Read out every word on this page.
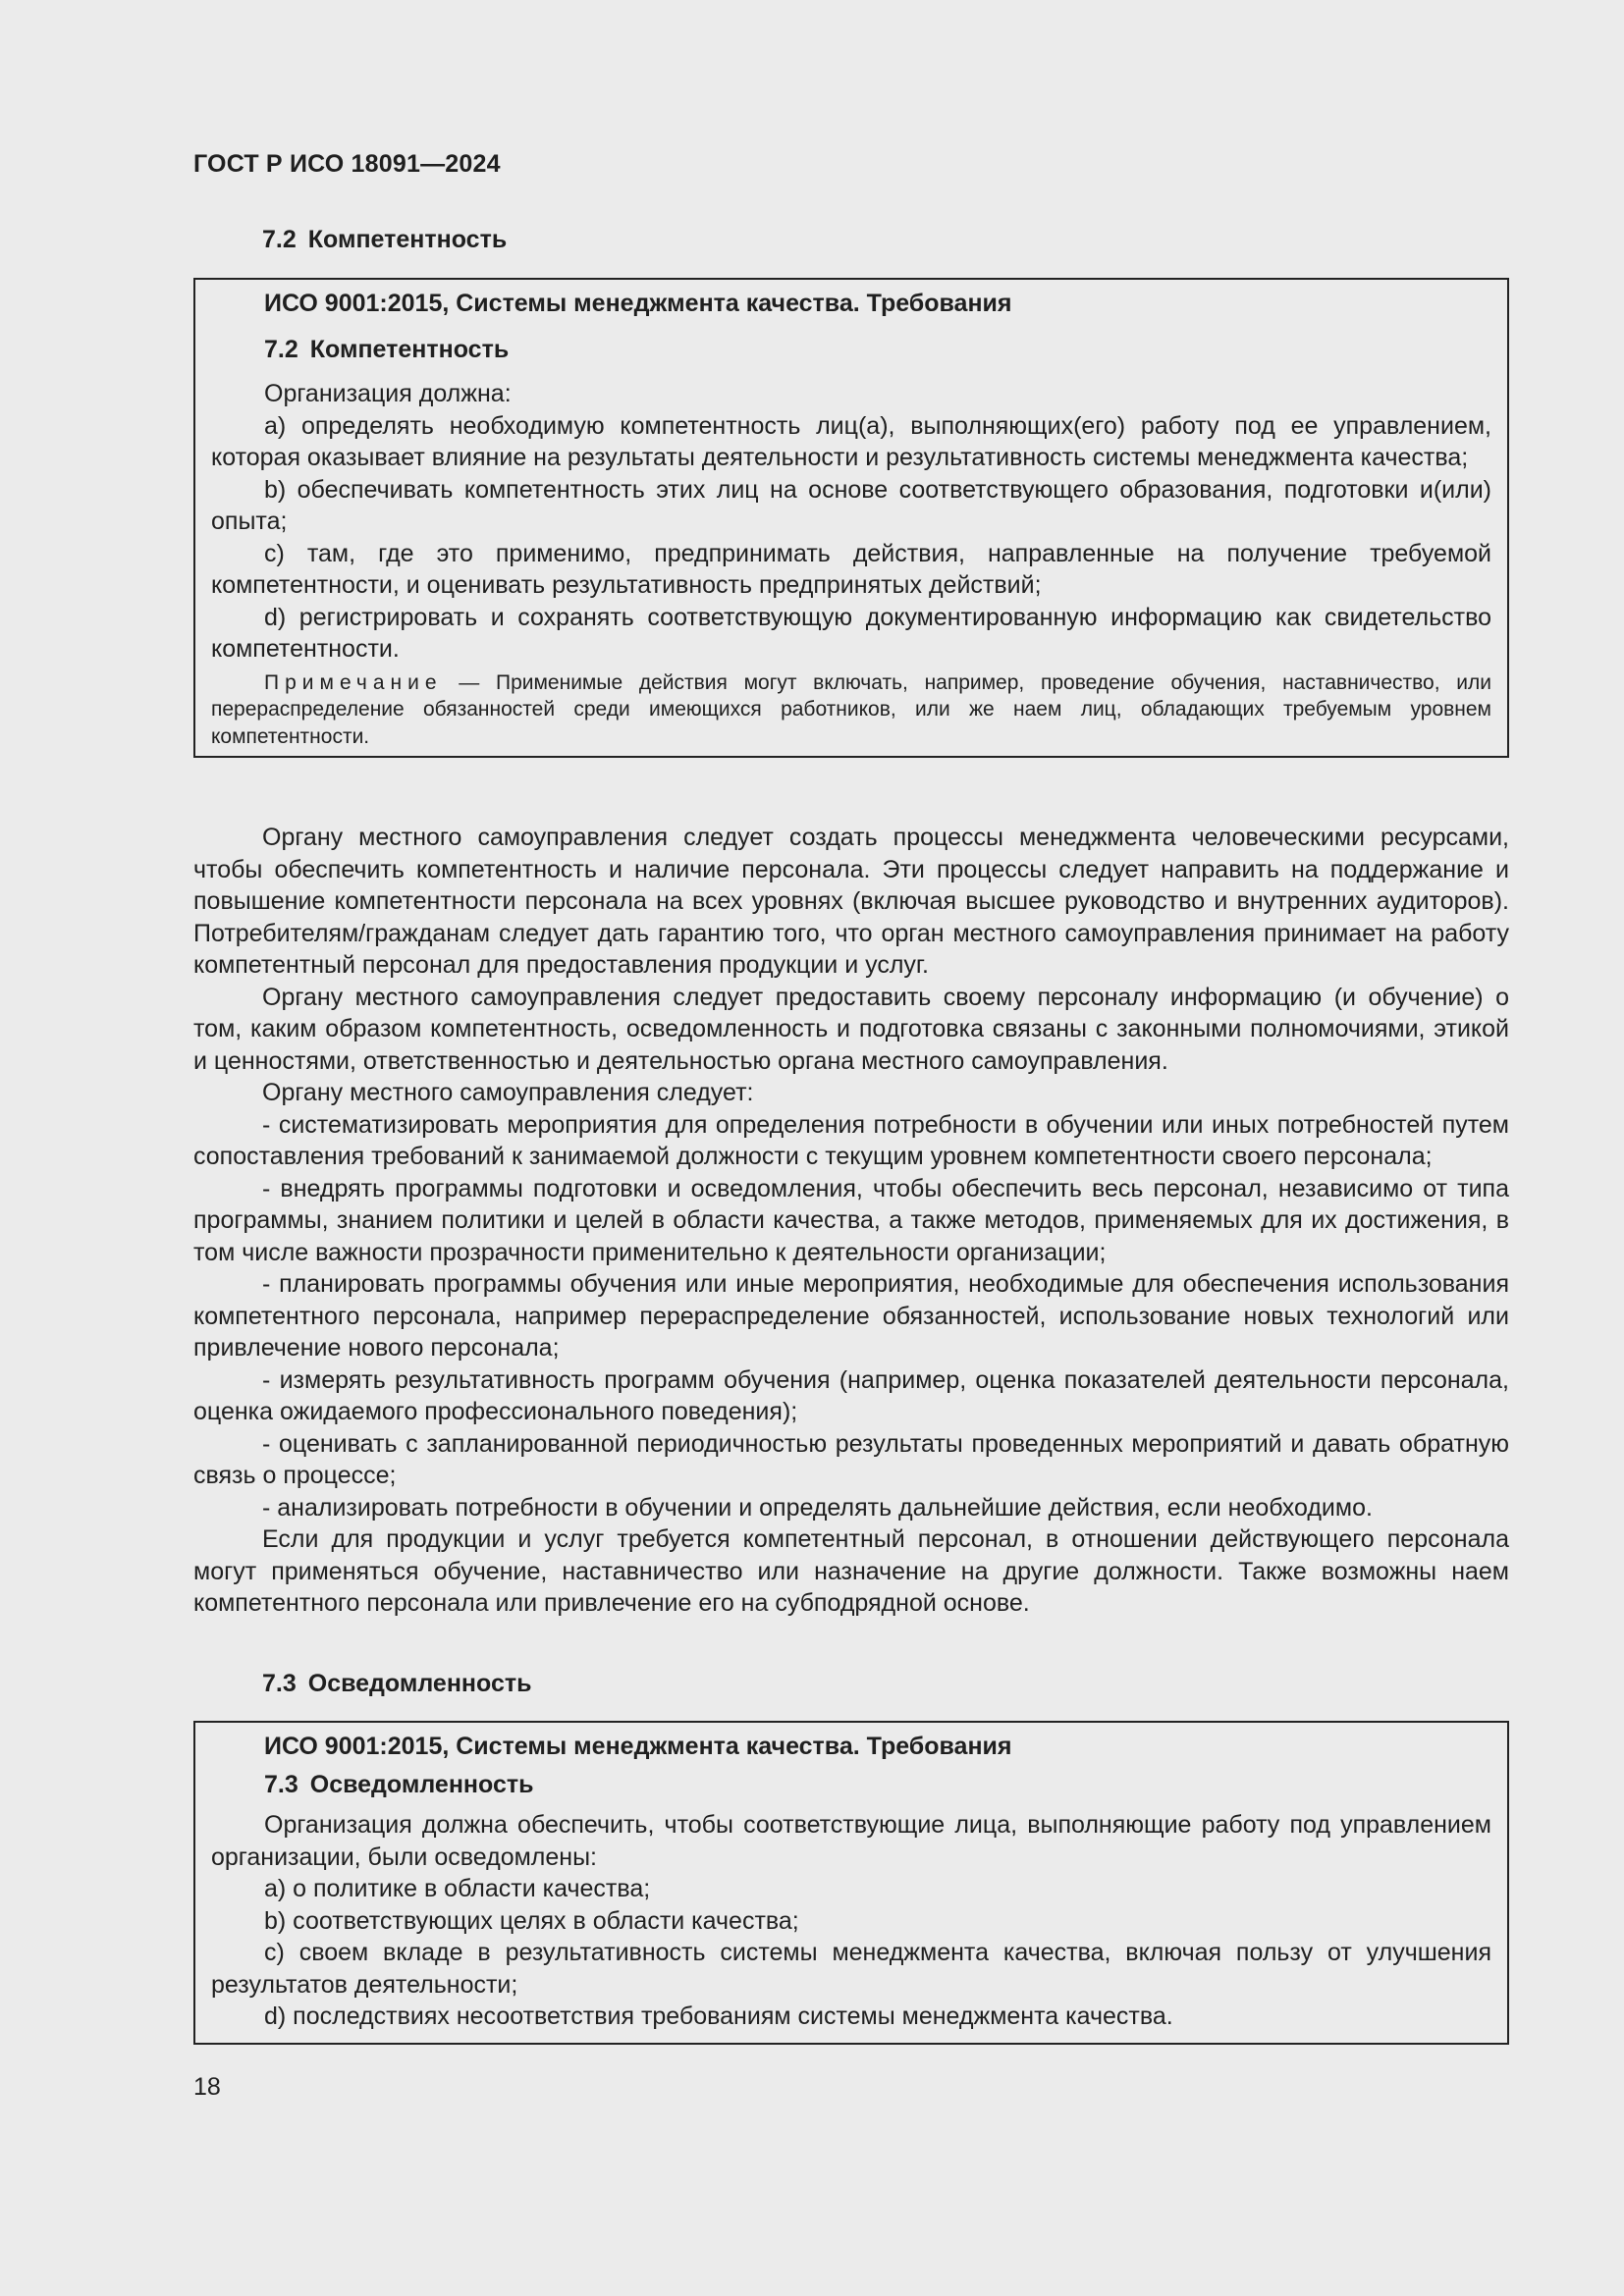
ГОСТ Р ИСО 18091—2024
7.2 Компетентность
ИСО 9001:2015, Системы менеджмента качества. Требования
7.2 Компетентность

Организация должна:

a) определять необходимую компетентность лиц(а), выполняющих(его) работу под ее управлением, которая оказывает влияние на результаты деятельности и результативность системы менеджмента качества;

b) обеспечивать компетентность этих лиц на основе соответствующего образования, подготовки и(или) опыта;

c) там, где это применимо, предпринимать действия, направленные на получение требуемой компетентности, и оценивать результативность предпринятых действий;

d) регистрировать и сохранять соответствующую документированную информацию как свидетельство компетентности.

Примечание — Применимые действия могут включать, например, проведение обучения, наставничество, или перераспределение обязанностей среди имеющихся работников, или же наем лиц, обладающих требуемым уровнем компетентности.

Органу местного самоуправления следует создать процессы менеджмента человеческими ресурсами, чтобы обеспечить компетентность и наличие персонала. Эти процессы следует направить на поддержание и повышение компетентности персонала на всех уровнях (включая высшее руководство и внутренних аудиторов). Потребителям/гражданам следует дать гарантию того, что орган местного самоуправления принимает на работу компетентный персонал для предоставления продукции и услуг.

Органу местного самоуправления следует предоставить своему персоналу информацию (и обучение) о том, каким образом компетентность, осведомленность и подготовка связаны с законными полномочиями, этикой и ценностями, ответственностью и деятельностью органа местного самоуправления.

Органу местного самоуправления следует:

- систематизировать мероприятия для определения потребности в обучении или иных потребностей путем сопоставления требований к занимаемой должности с текущим уровнем компетентности своего персонала;

- внедрять программы подготовки и осведомления, чтобы обеспечить весь персонал, независимо от типа программы, знанием политики и целей в области качества, а также методов, применяемых для их достижения, в том числе важности прозрачности применительно к деятельности организации;

- планировать программы обучения или иные мероприятия, необходимые для обеспечения использования компетентного персонала, например перераспределение обязанностей, использование новых технологий или привлечение нового персонала;

- измерять результативность программ обучения (например, оценка показателей деятельности персонала, оценка ожидаемого профессионального поведения);

- оценивать с запланированной периодичностью результаты проведенных мероприятий и давать обратную связь о процессе;

- анализировать потребности в обучении и определять дальнейшие действия, если необходимо.

Если для продукции и услуг требуется компетентный персонал, в отношении действующего персонала могут применяться обучение, наставничество или назначение на другие должности. Также возможны наем компетентного персонала или привлечение его на субподрядной основе.

7.3 Осведомленность
ИСО 9001:2015, Системы менеджмента качества. Требования
7.3 Осведомленность

Организация должна обеспечить, чтобы соответствующие лица, выполняющие работу под управлением организации, были осведомлены:

a) о политике в области качества;

b) соответствующих целях в области качества;

c) своем вкладе в результативность системы менеджмента качества, включая пользу от улучшения результатов деятельности;

d) последствиях несоответствия требованиям системы менеджмента качества.

18
